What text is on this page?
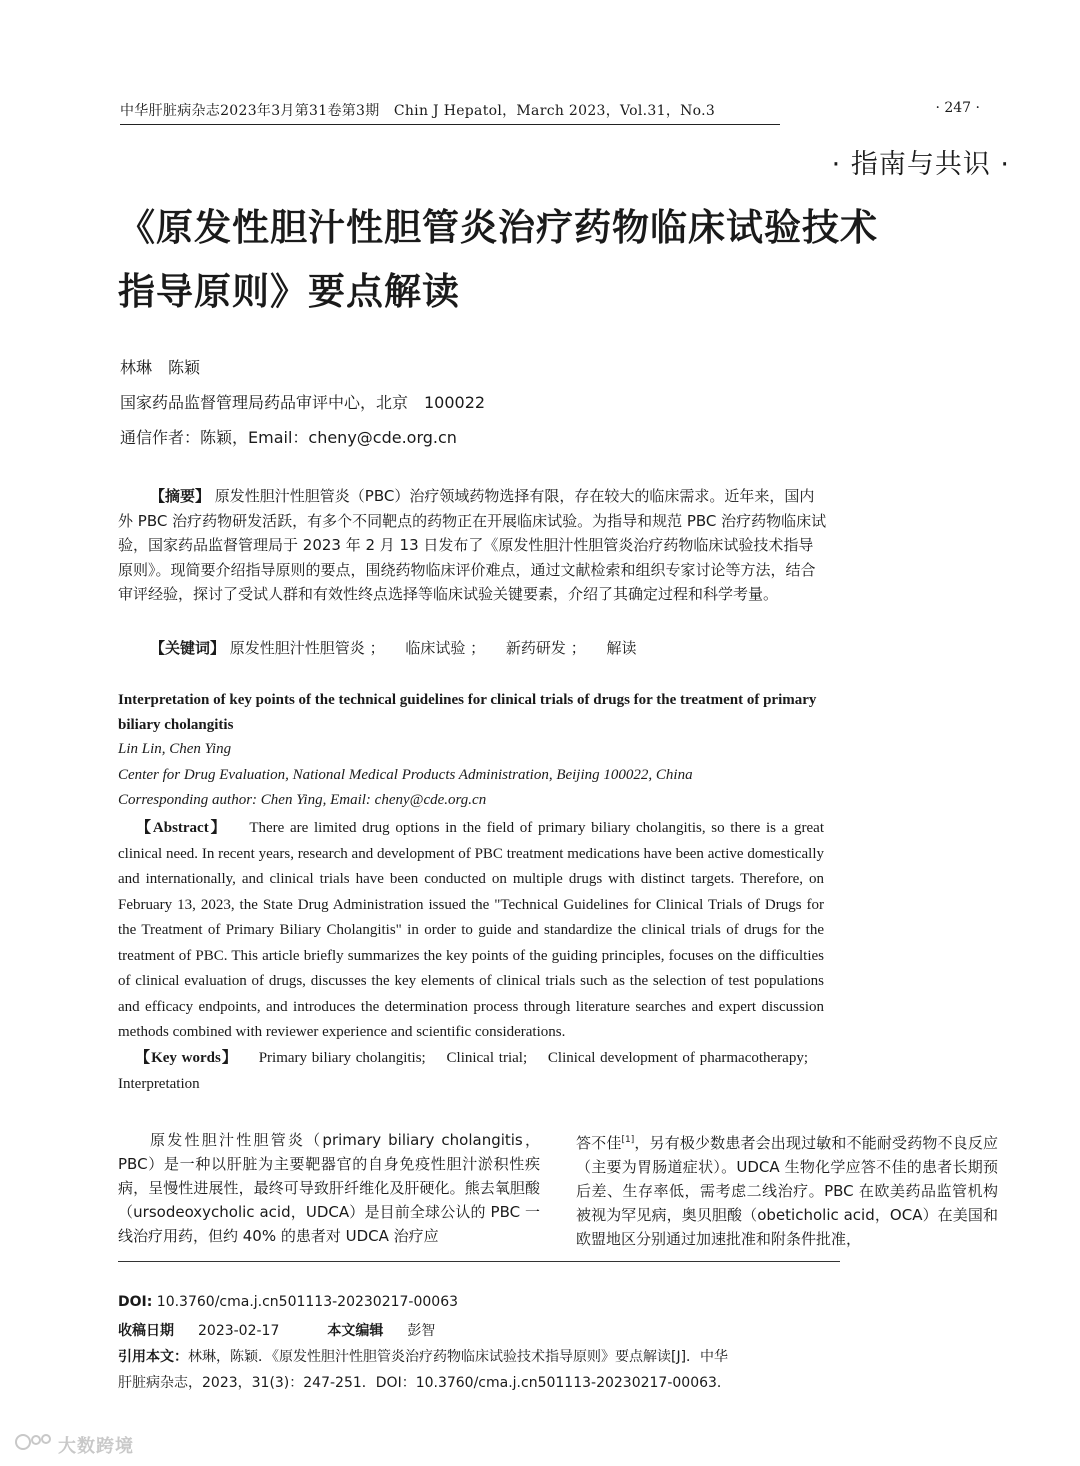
中华肝脏病杂志2023年3月第31卷第3期　Chin J Hepatol，March 2023，Vol.31，No.3	· 247 ·
· 指南与共识 ·
《原发性胆汁性胆管炎治疗药物临床试验技术
指导原则》要点解读
林琳　陈颖
国家药品监督管理局药品审评中心，北京　100022
通信作者：陈颖，Email：cheny@cde.org.cn
【摘要】 原发性胆汁性胆管炎（PBC）治疗领域药物选择有限，存在较大的临床需求。近年来，国内外 PBC 治疗药物研发活跃，有多个不同靶点的药物正在开展临床试验。为指导和规范 PBC 治疗药物临床试验，国家药品监督管理局于 2023 年 2 月 13 日发布了《原发性胆汁性胆管炎治疗药物临床试验技术指导原则》。现简要介绍指导原则的要点，围绕药物临床评价难点，通过文献检索和组织专家讨论等方法，结合审评经验，探讨了受试人群和有效性终点选择等临床试验关键要素，介绍了其确定过程和科学考量。
【关键词】 原发性胆汁性胆管炎 ； 临床试验 ； 新药研发 ； 解读
Interpretation of key points of the technical guidelines for clinical trials of drugs for the treatment of primary biliary cholangitis
Lin Lin, Chen Ying
Center for Drug Evaluation, National Medical Products Administration, Beijing 100022, China
Corresponding author: Chen Ying, Email: cheny@cde.org.cn
【Abstract】 There are limited drug options in the field of primary biliary cholangitis, so there is a great clinical need. In recent years, research and development of PBC treatment medications have been active domestically and internationally, and clinical trials have been conducted on multiple drugs with distinct targets. Therefore, on February 13, 2023, the State Drug Administration issued the "Technical Guidelines for Clinical Trials of Drugs for the Treatment of Primary Biliary Cholangitis" in order to guide and standardize the clinical trials of drugs for the treatment of PBC. This article briefly summarizes the key points of the guiding principles, focuses on the difficulties of clinical evaluation of drugs, discusses the key elements of clinical trials such as the selection of test populations and efficacy endpoints, and introduces the determination process through literature searches and expert discussion methods combined with reviewer experience and scientific considerations.
【Key words】 Primary biliary cholangitis; Clinical trial; Clinical development of pharmacotherapy; Interpretation
原发性胆汁性胆管炎（primary biliary cholangitis，PBC）是一种以肝脏为主要靶器官的自身免疫性胆汁淤积性疾病，呈慢性进展性，最终可导致肝纤维化及肝硬化。熊去氧胆酸（ursodeoxycholic acid，UDCA）是目前全球公认的 PBC 一线治疗用药，但约 40% 的患者对 UDCA 治疗应
答不佳[1]，另有极少数患者会出现过敏和不能耐受药物不良反应（主要为胃肠道症状）。UDCA 生物化学应答不佳的患者长期预后差、生存率低，需考虑二线治疗。PBC 在欧美药品监管机构被视为罕见病，奥贝胆酸（obeticholic acid，OCA）在美国和欧盟地区分别通过加速批准和附条件批准，
DOI: 10.3760/cma.j.cn501113-20230217-00063
收稿日期 2023-02-17	本文编辑 彭智
引用本文：林琳，陈颖．《原发性胆汁性胆管炎治疗药物临床试验技术指导原则》要点解读[J]．中华
肝脏病杂志，2023，31(3)：247-251．DOI：10.3760/cma.j.cn501113-20230217-00063．
大数跨境
